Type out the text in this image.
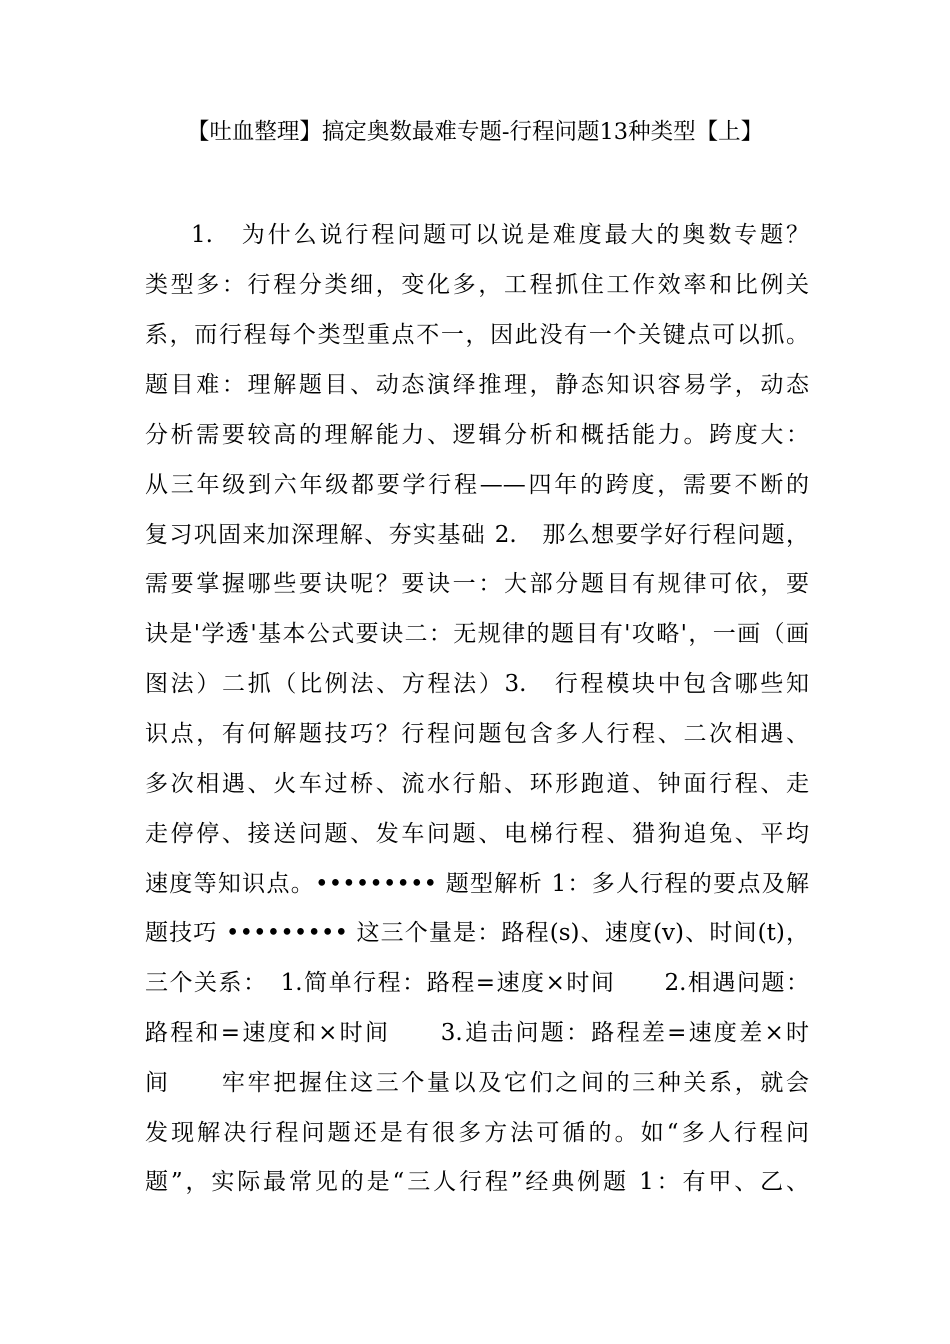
【吐血整理】搞定奥数最难专题-行程问题13种类型【上】
1.　为什么说行程问题可以说是难度最大的奥数专题？
类型多：行程分类细，变化多，工程抓住工作效率和比例关
系，而行程每个类型重点不一，因此没有一个关键点可以抓。
题目难：理解题目、动态演绎推理，静态知识容易学，动态
分析需要较高的理解能力、逻辑分析和概括能力。跨度大：
从三年级到六年级都要学行程——四年的跨度，需要不断的
复习巩固来加深理解、夯实基础 2.　那么想要学好行程问题，
需要掌握哪些要诀呢？要诀一：大部分题目有规律可依，要
诀是'学透'基本公式要诀二：无规律的题目有'攻略'，一画（画
图法）二抓（比例法、方程法）3.　行程模块中包含哪些知
识点，有何解题技巧？行程问题包含多人行程、二次相遇、
多次相遇、火车过桥、流水行船、环形跑道、钟面行程、走
走停停、接送问题、发车问题、电梯行程、猎狗追兔、平均
速度等知识点。••••••••• 题型解析 1：多人行程的要点及解
题技巧 ••••••••• 这三个量是：路程(s)、速度(v)、时间(t)，
三个关系：　1.简单行程：路程=速度×时间　　2.相遇问题：
路程和=速度和×时间　　3.追击问题：路程差=速度差×时
间　　牢牢把握住这三个量以及它们之间的三种关系，就会
发现解决行程问题还是有很多方法可循的。如“多人行程问
题”，实际最常见的是“三人行程”经典例题 1：有甲、乙、
